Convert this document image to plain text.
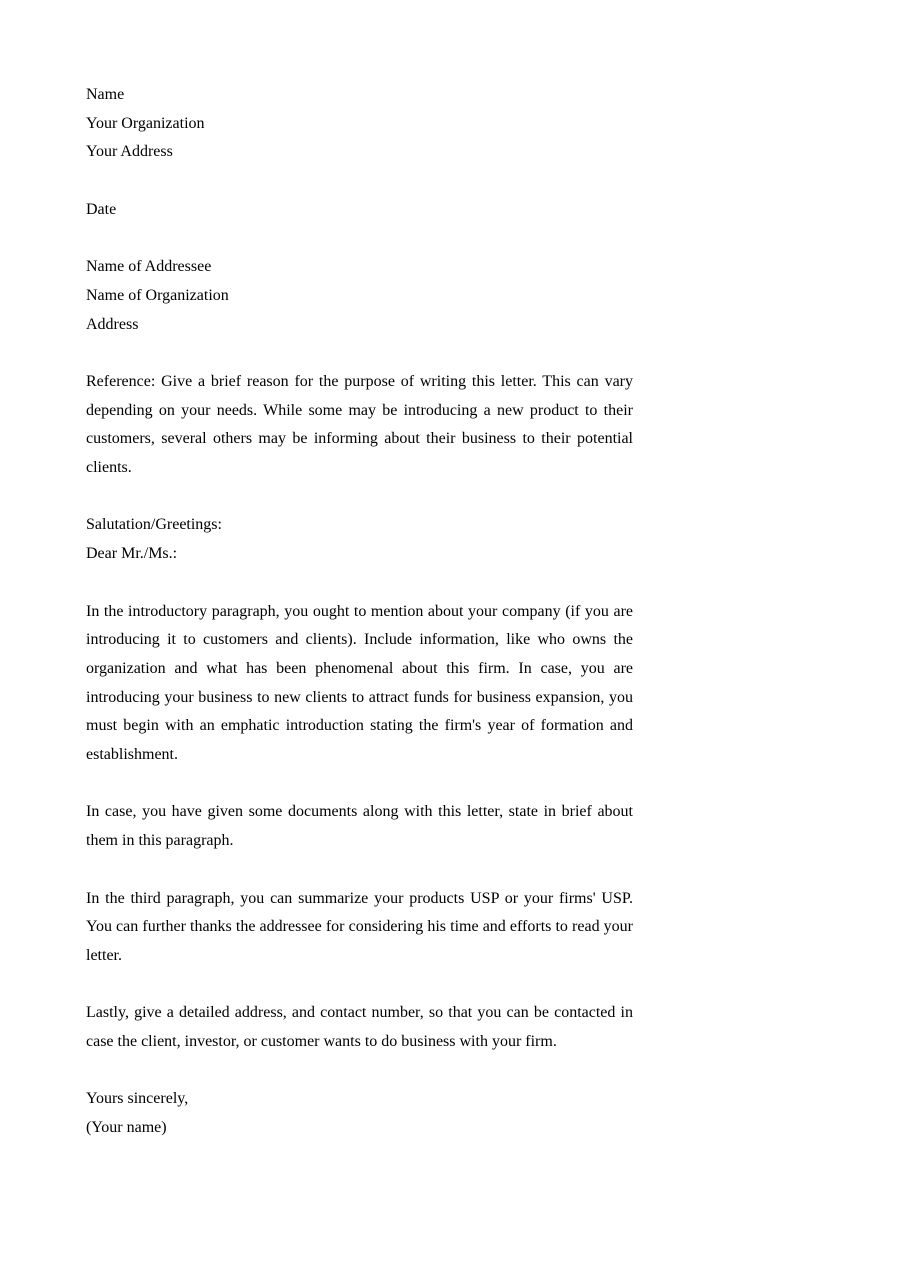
Name
Your Organization
Your Address
Date
Name of Addressee
Name of Organization
Address

Reference: Give a brief reason for the purpose of writing this letter. This can vary depending on your needs. While some may be introducing a new product to their customers, several others may be informing about their business to their potential clients.

Salutation/Greetings:
Dear Mr./Ms.:

In the introductory paragraph, you ought to mention about your company (if you are introducing it to customers and clients). Include information, like who owns the organization and what has been phenomenal about this firm. In case, you are introducing your business to new clients to attract funds for business expansion, you must begin with an emphatic introduction stating the firm's year of formation and establishment.

In case, you have given some documents along with this letter, state in brief about them in this paragraph.

In the third paragraph, you can summarize your products USP or your firms' USP. You can further thanks the addressee for considering his time and efforts to read your letter.

Lastly, give a detailed address, and contact number, so that you can be contacted in case the client, investor, or customer wants to do business with your firm.

Yours sincerely,
(Your name)
